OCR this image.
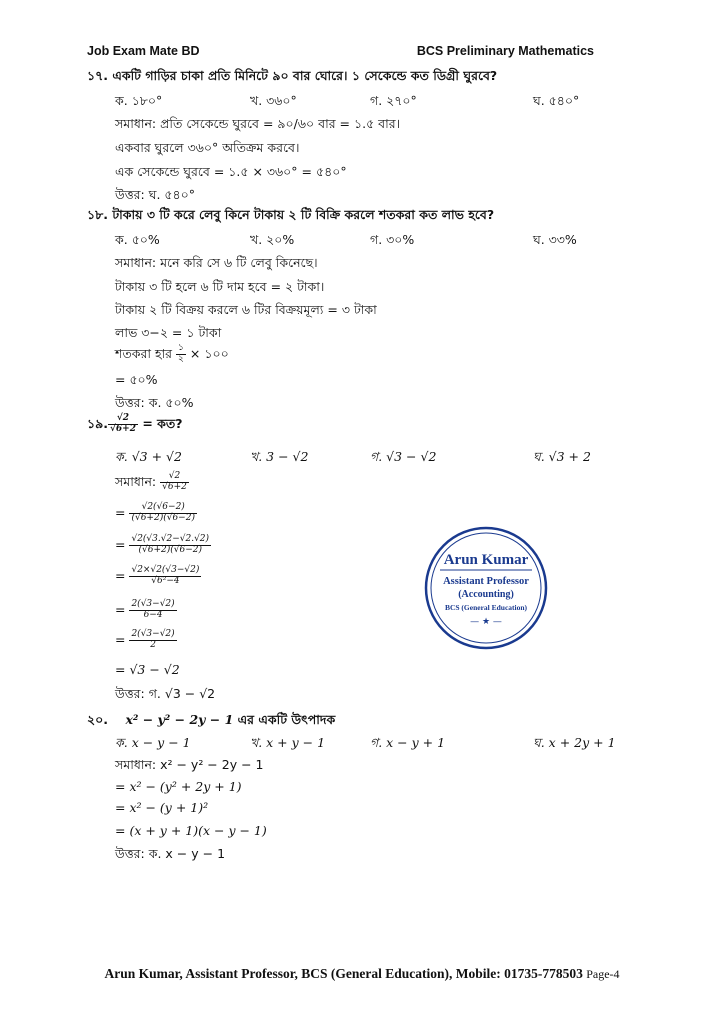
Job Exam Mate BD	BCS Preliminary Mathematics
১৭. একটি গাড়ির চাকা প্রতি মিনিটে ৯০ বার ঘোরে। ১ সেকেন্ডে কত ডিগ্রী ঘুরবে?
ক. ১৮০°	খ. ৩৬০°	গ. ২৭০°	ঘ. ৫৪০°
সমাধান: প্রতি সেকেন্ডে ঘুরবে = ৯০/৬০ বার = ১.৫ বার।
একবার ঘুরলে ৩৬০° অতিক্রম করবে।
এক সেকেন্ডে ঘুরবে = ১.৫ × ৩৬০° = ৫৪০°
উত্তর: ঘ. ৫৪০°
১৮. টাকায় ৩ টি করে লেবু কিনে টাকায় ২ টি বিক্রি করলে শতকরা কত লাভ হবে?
ক. ৫০%	খ. ২০%	গ. ৩০%	ঘ. ৩৩%
সমাধান: মনে করি সে ৬ টি লেবু কিনেছে।
টাকায় ৩ টি হলে ৬ টি দাম হবে = ২ টাকা।
টাকায় ২ টি বিক্রয় করলে ৬ টির বিক্রয়মূল্য = ৩ টাকা
লাভ ৩−২ = ১ টাকা
শতকরা হার $\frac{১}{২}$ × ১০০
= ৫০%
উত্তর: ক. ৫০%
১৯. $\frac{√2}{√6+2}$ = কত?
ক. √3 + √2	খ. 3 − √2	গ. √3 − √2	ঘ. √3 + 2
সমাধান: $\frac{√2}{√6+2}$
= $\frac{√2(√6-2)}{(√6+2)(√6-2)}$
= $\frac{√2(√3.√2-√2.√2)}{(√6+2)(√6-2)}$
= $\frac{√2\times√2(√3-√2)}{\text{√6²−4}}$
= $\frac{2(√3-√2)}{6-4}$
= $\frac{2(√3-√2)}{2}$
= √3 − √2
উত্তর: গ. √3 − √2
Arun Kumar
Assistant Professor
(Accounting)
BCS (General Education)
— ★ —
২০. x² − y² − 2y − 1 এর একটি উৎপাদক
ক. x − y − 1	খ. x + y − 1	গ. x − y + 1	ঘ. x + 2y + 1
সমাধান: x² − y² − 2y − 1
= x² − (y² + 2y + 1)
= x² − (y + 1)²
= (x + y + 1)(x − y − 1)
উত্তর: ক. x − y − 1
Arun Kumar, Assistant Professor, BCS (General Education), Mobile: 01735-778503 Page-4
